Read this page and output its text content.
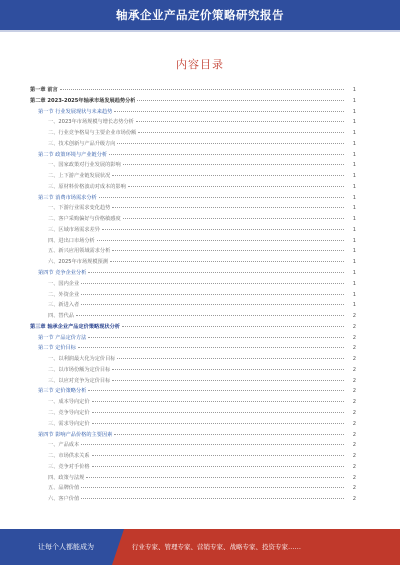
轴承企业产品定价策略研究报告
内容目录
第一章 前言	1
第二章 2023-2025年轴承市场发展趋势分析	1
第一节 行业发展现状与未来趋势	1
一、2023年市场规模与增长态势分析	1
二、行业竞争格局与主要企业市场份额	1
三、技术创新与产品升级方向	1
第二节 政策环境与产业链分析	1
一、国家政策对行业发展的影响	1
二、上下游产业链发展状况	1
三、原材料价格波动对成本的影响	1
第三节 消费市场需求分析	1
一、下游行业需求变化趋势	1
二、客户采购偏好与价格敏感度	1
三、区域市场需求差异	1
四、进出口市场分析	1
五、新兴应用领域需求分析	1
六、2025年市场规模预测	1
第四节 竞争企业分析	1
一、国内企业	1
二、外资企业	1
三、新进入者	1
四、替代品	2
第三章 轴承企业产品定价策略现状分析	2
第一节 产品定价方法	2
第二节 定价目标	2
一、以利润最大化为定价目标	2
二、以市场份额为定价目标	2
三、以应对竞争为定价目标	2
第三节 定价策略分析	2
一、成本导向定价	2
二、竞争导向定价	2
三、需求导向定价	2
第四节 影响产品价格的主要因素	2
一、产品成本	2
二、市场供求关系	2
三、竞争对手价格	2
四、政策与法规	2
五、品牌价值	2
六、客户价值	2
让每个人都能成为	行业专家、管理专家、营销专家、战略专家、投资专家……
